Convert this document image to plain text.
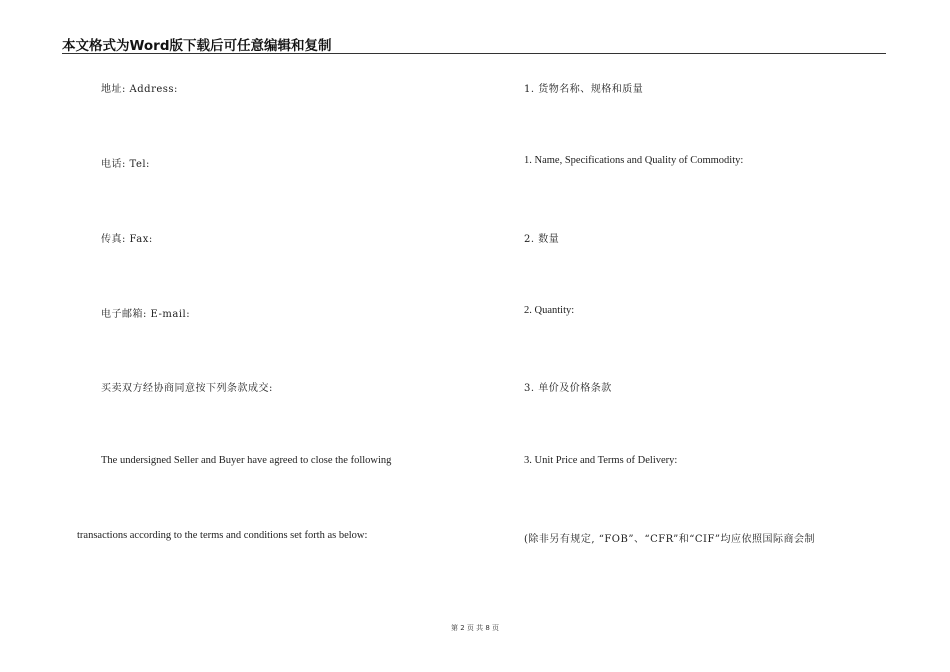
本文格式为Word版下载后可任意编辑和复制
地址: Address:
电话: Tel:
传真: Fax:
电子邮箱: E-mail:
买卖双方经协商同意按下列条款成交:
The undersigned Seller and Buyer have agreed to close the following
transactions according to the terms and conditions set forth as below:
1. 货物名称、规格和质量
1. Name, Specifications and Quality of Commodity:
2. 数量
2. Quantity:
3. 单价及价格条款
3. Unit Price and Terms of Delivery:
(除非另有规定, “FOB”、“CFR”和“CIF”均应依照国际商会制
第 2 页 共 8 页
